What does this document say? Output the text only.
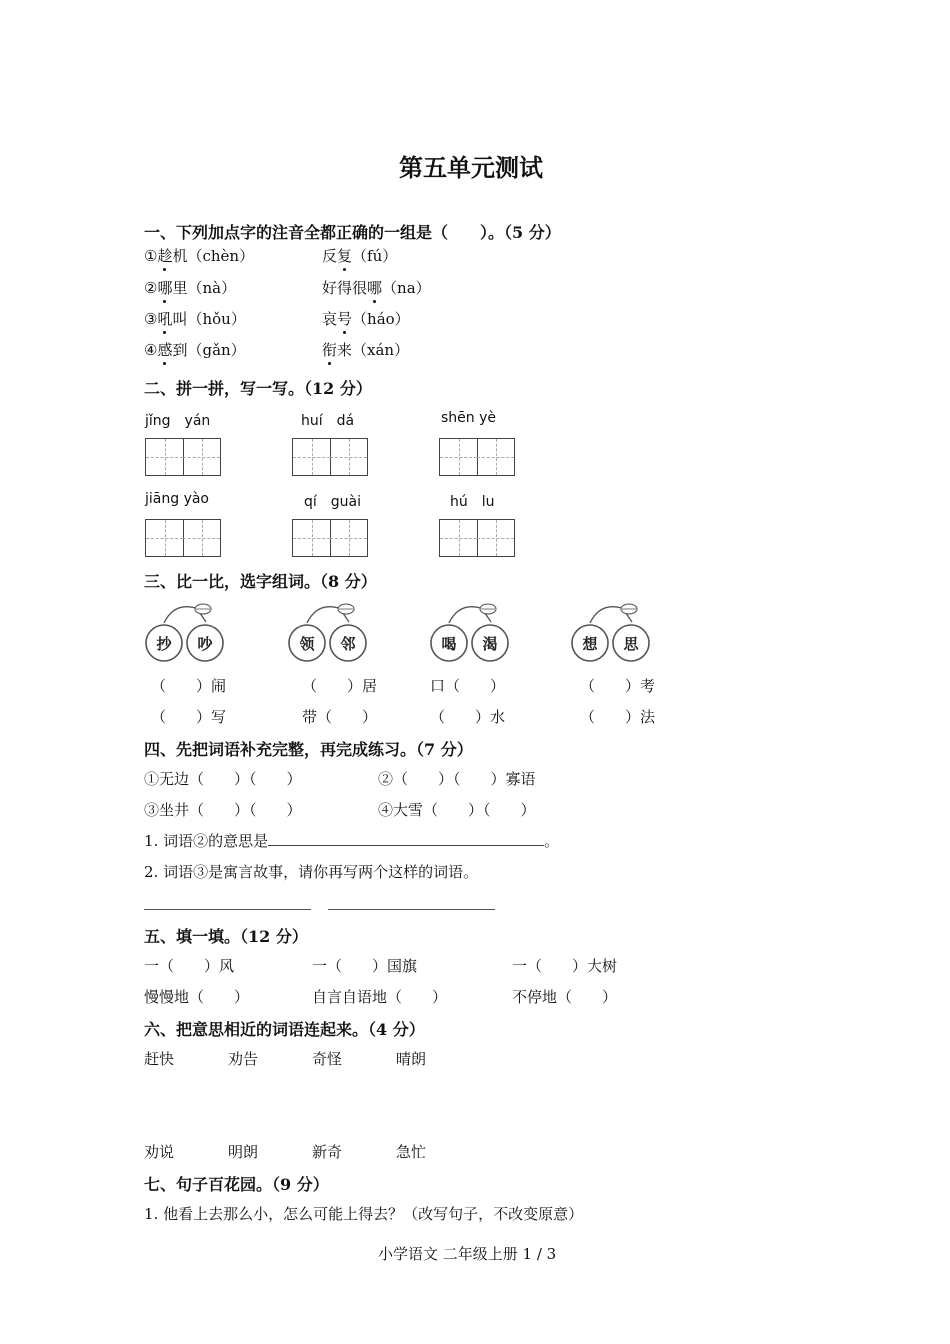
第五单元测试
一、下列加点字的注音全都正确的一组是（　　）。（5 分）
①趁机（chèn）	反复（fú）
②哪里（nà）	好得很哪（na）
③吼叫（hǒu）	哀号（háo）
④感到（gǎn）	衔来（xán）
二、拼一拼，写一写。（12 分）
jǐng　yán	huí　dá	shēn yè
jiāng yào	qí　guài	hú　lu
三、比一比，选字组词。（8 分）
抄 吵	领 邻	喝 渴	想 思
（　　）闹	（　　）居	口（　　）	（　　）考
（　　）写	带（　　）	（　　）水	（　　）法
四、先把词语补充完整，再完成练习。（7 分）
①无边（　　）（　　）	②（　　）（　　）寡语
③坐井（　　）（　　）	④大雪（　　）（　　）
1. 词语②的意思是	。
2. 词语③是寓言故事，请你再写两个这样的词语。
五、填一填。（12 分）
一（　　）风	一（　　）国旗	一（　　）大树
慢慢地（　　）	自言自语地（　　）	不停地（　　）
六、把意思相近的词语连起来。（4 分）
赶快	劝告	奇怪	晴朗
劝说	明朗	新奇	急忙
七、句子百花园。（9 分）
1. 他看上去那么小，怎么可能上得去？（改写句子，不改变原意）
小学语文 二年级上册 1 / 3
